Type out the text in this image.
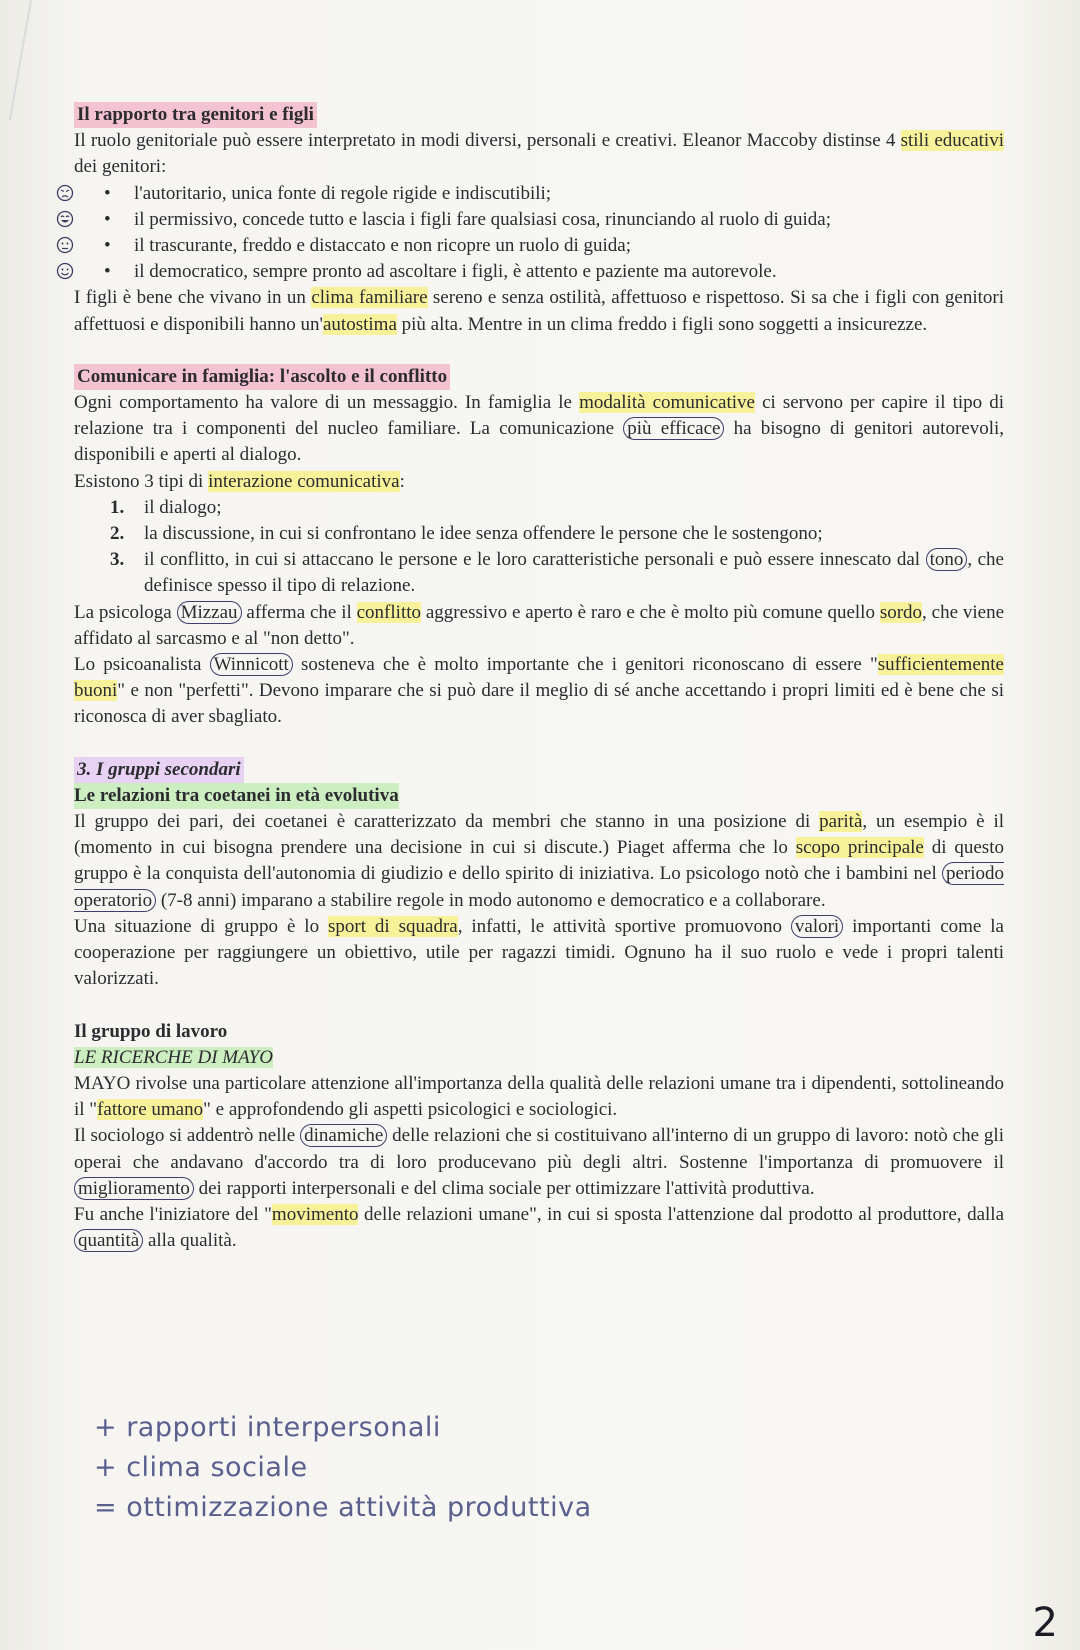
Il rapporto tra genitori e figli

Il ruolo genitoriale può essere interpretato in modi diversi, personali e creativi. Eleanor Maccoby distinse 4 stili educativi dei genitori:

• l'autoritario, unica fonte di regole rigide e indiscutibili;
• il permissivo, concede tutto e lascia i figli fare qualsiasi cosa, rinunciando al ruolo di guida;
• il trascurante, freddo e distaccato e non ricopre un ruolo di guida;
• il democratico, sempre pronto ad ascoltare i figli, è attento e paziente ma autorevole.

I figli è bene che vivano in un clima familiare sereno e senza ostilità, affettuoso e rispettoso. Si sa che i figli con genitori affettuosi e disponibili hanno un'autostima più alta. Mentre in un clima freddo i figli sono soggetti a insicurezze.

Comunicare in famiglia: l'ascolto e il conflitto

Ogni comportamento ha valore di un messaggio. In famiglia le modalità comunicative ci servono per capire il tipo di relazione tra i componenti del nucleo familiare. La comunicazione più efficace ha bisogno di genitori autorevoli, disponibili e aperti al dialogo.

Esistono 3 tipi di interazione comunicativa:

1. il dialogo;
2. la discussione, in cui si confrontano le idee senza offendere le persone che le sostengono;
3. il conflitto, in cui si attaccano le persone e le loro caratteristiche personali e può essere innescato dal tono , che definisce spesso il tipo di relazione.

La psicologa Mizzau afferma che il conflitto aggressivo e aperto è raro e che è molto più comune quello sordo, che viene affidato al sarcasmo e al "non detto".

Lo psicoanalista Winnicott sosteneva che è molto importante che i genitori riconoscano di essere "sufficientemente buoni" e non "perfetti". Devono imparare che si può dare il meglio di sé anche accettando i propri limiti ed è bene che si riconosca di aver sbagliato.

3. I gruppi secondari
Le relazioni tra coetanei in età evolutiva

Il gruppo dei pari, dei coetanei è caratterizzato da membri che stanno in una posizione di parità, un esempio è il (momento in cui bisogna prendere una decisione in cui si discute.) Piaget afferma che lo scopo principale di questo gruppo è la conquista dell'autonomia di giudizio e dello spirito di iniziativa. Lo psicologo notò che i bambini nel periodo operatorio (7-8 anni) imparano a stabilire regole in modo autonomo e democratico e a collaborare.

Una situazione di gruppo è lo sport di squadra, infatti, le attività sportive promuovono valori importanti come la cooperazione per raggiungere un obiettivo, utile per ragazzi timidi. Ognuno ha il suo ruolo e vede i propri talenti valorizzati.

Il gruppo di lavoro
LE RICERCHE DI MAYO

MAYO rivolse una particolare attenzione all'importanza della qualità delle relazioni umane tra i dipendenti, sottolineando il "fattore umano" e approfondendo gli aspetti psicologici e sociologici.

Il sociologo si addentrò nelle dinamiche delle relazioni che si costituivano all'interno di un gruppo di lavoro: notò che gli operai che andavano d'accordo tra di loro producevano più degli altri. Sostenne l'importanza di promuovere il miglioramento dei rapporti interpersonali e del clima sociale per ottimizzare l'attività produttiva.

Fu anche l'iniziatore del "movimento delle relazioni umane", in cui si sposta l'attenzione dal prodotto al produttore, dalla quantità alla qualità.

+ rapporti interpersonali
+ clima sociale
= ottimizzazione attività produttiva
2
